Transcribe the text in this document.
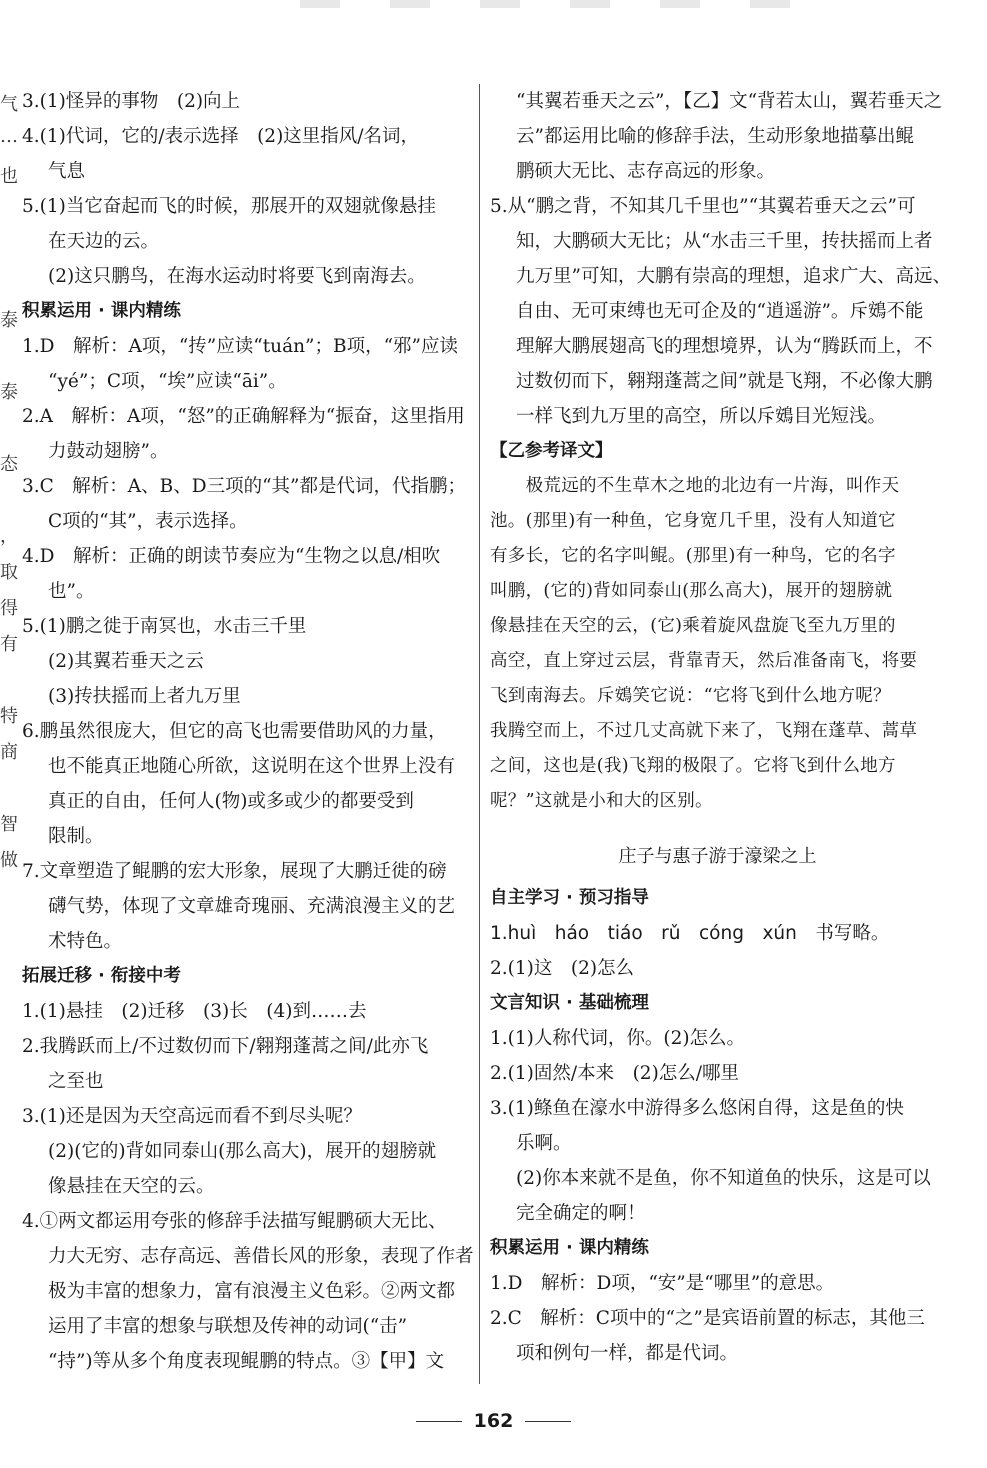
气
…
也
泰
泰
态
，
取
得
有
特
商
智
做
3.(1)怪异的事物　(2)向上
4.(1)代词，它的/表示选择　(2)这里指风/名词，
气息
5.(1)当它奋起而飞的时候，那展开的双翅就像悬挂
在天边的云。
(2)这只鹏鸟，在海水运动时将要飞到南海去。
积累运用 · 课内精练
1.D　解析：A项，“抟”应读“tuán”；B项，“邪”应读
“yé”；C项，“埃”应读“āi”。
2.A　解析：A项，“怒”的正确解释为“振奋，这里指用
力鼓动翅膀”。
3.C　解析：A、B、D三项的“其”都是代词，代指鹏；
C项的“其”，表示选择。
4.D　解析：正确的朗读节奏应为“生物之以息/相吹
也”。
5.(1)鹏之徙于南冥也，水击三千里
(2)其翼若垂天之云
(3)抟扶摇而上者九万里
6.鹏虽然很庞大，但它的高飞也需要借助风的力量，
也不能真正地随心所欲，这说明在这个世界上没有
真正的自由，任何人(物)或多或少的都要受到
限制。
7.文章塑造了鲲鹏的宏大形象，展现了大鹏迁徙的磅
礴气势，体现了文章雄奇瑰丽、充满浪漫主义的艺
术特色。
拓展迁移 · 衔接中考
1.(1)悬挂　(2)迁移　(3)长　(4)到……去
2.我腾跃而上/不过数仞而下/翱翔蓬蒿之间/此亦飞
之至也
3.(1)还是因为天空高远而看不到尽头呢？
(2)(它的)背如同泰山(那么高大)，展开的翅膀就
像悬挂在天空的云。
4.①两文都运用夸张的修辞手法描写鲲鹏硕大无比、
力大无穷、志存高远、善借长风的形象，表现了作者
极为丰富的想象力，富有浪漫主义色彩。②两文都
运用了丰富的想象与联想及传神的动词(“击”
“持”)等从多个角度表现鲲鹏的特点。③【甲】文
“其翼若垂天之云”，【乙】文“背若太山，翼若垂天之
云”都运用比喻的修辞手法，生动形象地描摹出鲲
鹏硕大无比、志存高远的形象。
5.从“鹏之背，不知其几千里也”“其翼若垂天之云”可
知，大鹏硕大无比；从“水击三千里，抟扶摇而上者
九万里”可知，大鹏有崇高的理想，追求广大、高远、
自由、无可束缚也无可企及的“逍遥游”。斥鴳不能
理解大鹏展翅高飞的理想境界，认为“腾跃而上，不
过数仞而下，翱翔蓬蒿之间”就是飞翔，不必像大鹏
一样飞到九万里的高空，所以斥鴳目光短浅。
【乙参考译文】
　　极荒远的不生草木之地的北边有一片海，叫作天
池。(那里)有一种鱼，它身宽几千里，没有人知道它
有多长，它的名字叫鲲。(那里)有一种鸟，它的名字
叫鹏，(它的)背如同泰山(那么高大)，展开的翅膀就
像悬挂在天空的云，(它)乘着旋风盘旋飞至九万里的
高空，直上穿过云层，背靠青天，然后准备南飞，将要
飞到南海去。斥鴳笑它说：“它将飞到什么地方呢？
我腾空而上，不过几丈高就下来了，飞翔在蓬草、蒿草
之间，这也是(我)飞翔的极限了。它将飞到什么地方
呢？”这就是小和大的区别。
庄子与惠子游于濠梁之上
自主学习 · 预习指导
1.huì　háo　tiáo　rǔ　cóng　xún　书写略。
2.(1)这　(2)怎么
文言知识 · 基础梳理
1.(1)人称代词，你。(2)怎么。
2.(1)固然/本来　(2)怎么/哪里
3.(1)鲦鱼在濠水中游得多么悠闲自得，这是鱼的快
乐啊。
(2)你本来就不是鱼，你不知道鱼的快乐，这是可以
完全确定的啊！
积累运用 · 课内精练
1.D　解析：D项，“安”是“哪里”的意思。
2.C　解析：C项中的“之”是宾语前置的标志，其他三
项和例句一样，都是代词。
162
